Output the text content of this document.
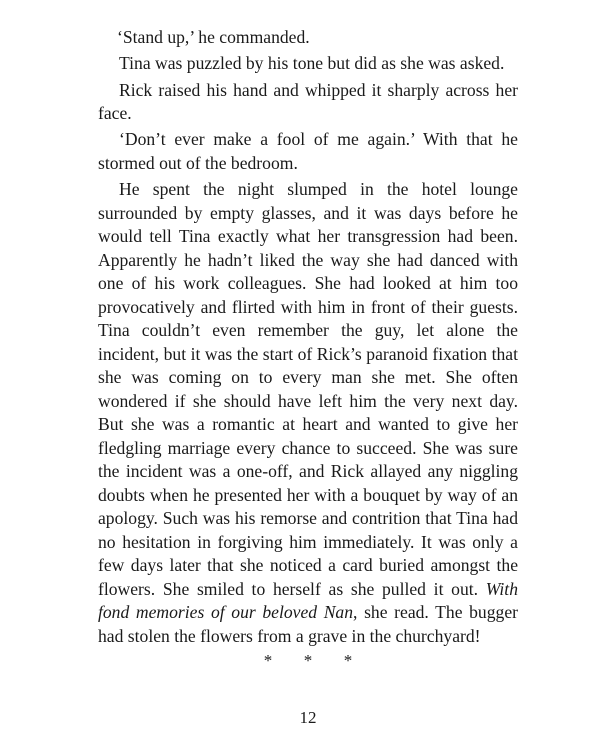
‘Stand up,’ he commanded.

Tina was puzzled by his tone but did as she was asked.

Rick raised his hand and whipped it sharply across her face.

‘Don’t ever make a fool of me again.’ With that he stormed out of the bedroom.

He spent the night slumped in the hotel lounge surrounded by empty glasses, and it was days before he would tell Tina exactly what her transgression had been. Apparently he hadn’t liked the way she had danced with one of his work colleagues. She had looked at him too provocatively and flirted with him in front of their guests. Tina couldn’t even remember the guy, let alone the incident, but it was the start of Rick’s paranoid fixation that she was coming on to every man she met. She often wondered if she should have left him the very next day. But she was a romantic at heart and wanted to give her fledgling marriage every chance to succeed. She was sure the incident was a one-off, and Rick allayed any niggling doubts when he presented her with a bouquet by way of an apology. Such was his remorse and contrition that Tina had no hesitation in forgiving him immediately. It was only a few days later that she noticed a card buried amongst the flowers. She smiled to herself as she pulled it out. With fond memories of our beloved Nan, she read. The bugger had stolen the flowers from a grave in the churchyard!

* * *
12
